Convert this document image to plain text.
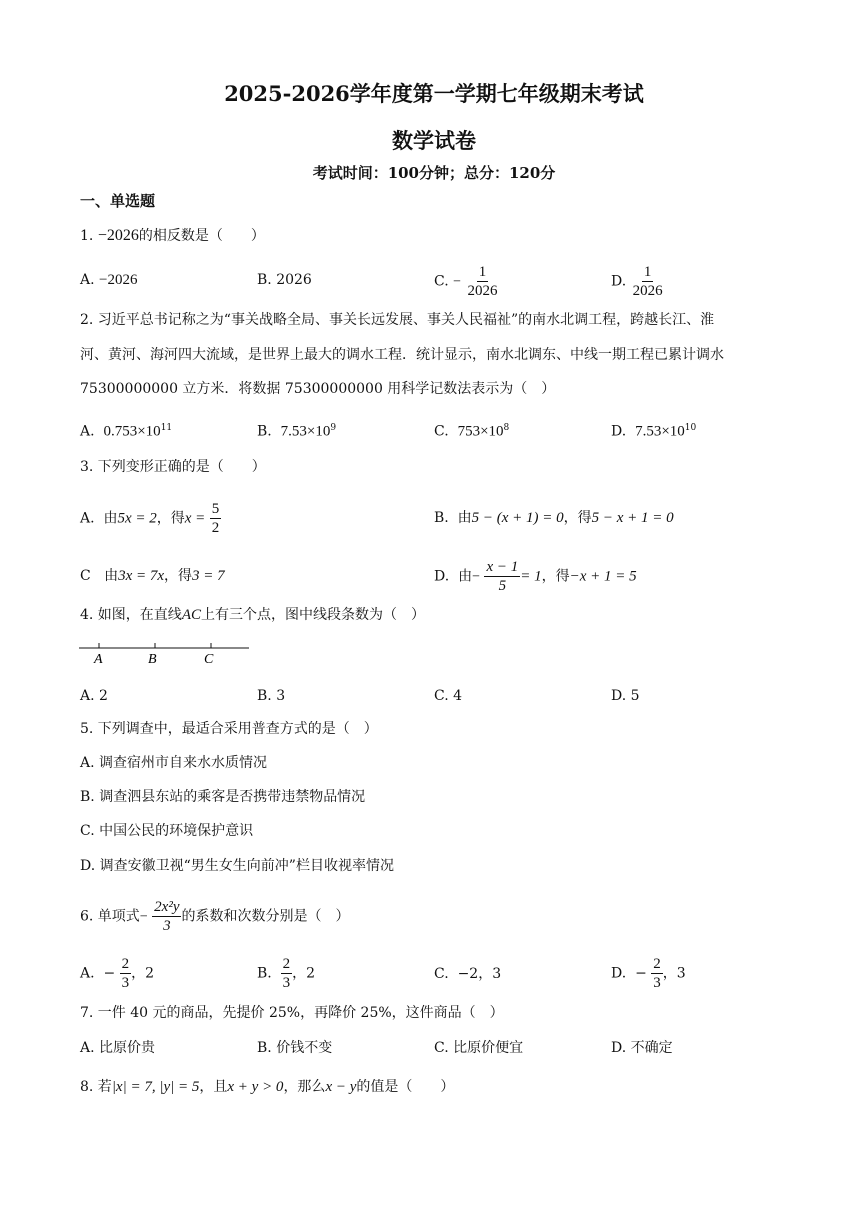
2025-2026学年度第一学期七年级期末考试
数学试卷
考试时间：100分钟；总分：120分
一、单选题
1. −2026的相反数是（　　）
A. −2026	B. 2026	C. − $\frac{1}{2026}$	D. $\frac{1}{2026}$
2. 习近平总书记称之为“事关战略全局、事关长远发展、事关人民福祉”的南水北调工程，跨越长江、淮
河、黄河、海河四大流域，是世界上最大的调水工程．统计显示，南水北调东、中线一期工程已累计调水
75300000000 立方米．将数据 75300000000 用科学记数法表示为（　）
A.  $0.753\times 10^{11}$	B.  $7.53\times 10^9$	C.  $753\times 10^8$	D.  $7.53\times 10^{10}$
3. 下列变形正确的是（　　）
A.  由5x = 2，得$x = \frac{5}{2}$	B.  由5 − (x + 1) = 0，得5 − x + 1 = 0
C   由3x = 7x，得3 = 7	D.  由− $\frac{x - 1}{5} = 1$，得−x + 1 = 5
4. 如图，在直线AC上有三个点，图中线段条数为（　）
A	B	C
A. 2	B. 3	C. 4	D. 5
5. 下列调查中，最适合采用普查方式的是（　）
A. 调查宿州市自来水水质情况
B. 调查泗县东站的乘客是否携带违禁物品情况
C. 中国公民的环境保护意识
D. 调查安徽卫视“男生女生向前冲”栏目收视率情况
6. 单项式− $\frac{\text{2x²y}}{3}$ 的系数和次数分别是（　）
A.  − $\frac{2}{3}$ ，2	B. $\frac{2}{3}$ ，2	C.  −2，3	D.  − $\frac{2}{3}$ ，3
7. 一件 40 元的商品，先提价 25%，再降价 25%，这件商品（　）
A. 比原价贵	B. 价钱不变	C. 比原价便宜	D. 不确定
8. 若|x| = 7, |y| = 5，且x + y > 0，那么x − y的值是（　　）
